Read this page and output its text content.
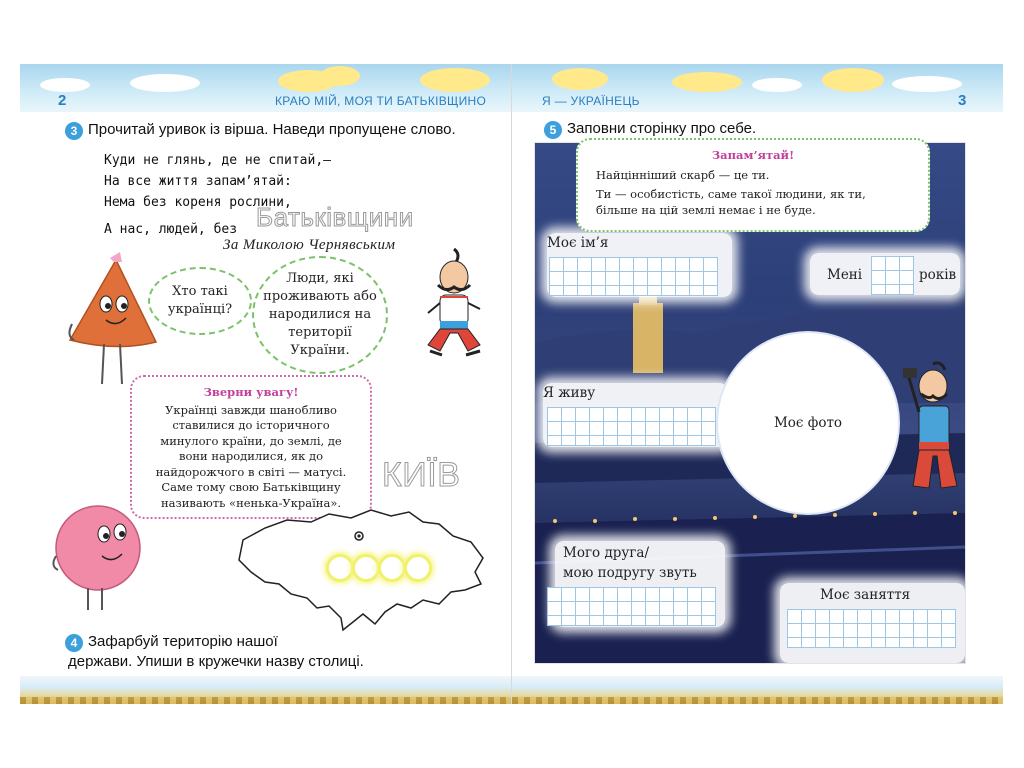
2	КРАЮ МІЙ, МОЯ ТИ БАТЬКІВЩИНО
3 Прочитай уривок із вірша. Наведи пропущене слово.
Куди не глянь, де не спитай,—
На все життя запам’ятай:
Нема без кореня рослини,
А нас, людей, без Батьківщини
За Миколою Чернявським
Хто такі українці?
Люди, які проживають або народилися на території України.
Зверни увагу!
Українці завжди шанобливо ставилися до історичного минулого країни, до землі, де вони народилися, як до найдорожчого в світі — матусі. Саме тому свою Батьківщину називають «ненька-Україна».
КИЇВ
4 Зафарбуй територію нашої
держави. Упиши в кружечки назву столиці.
Я — УКРАЇНЕЦЬ	3
5 Заповни сторінку про себе.
Моє ім’я
Мені	років
Я живу
Моє фото
Мого друга/
мою подругу звуть
Моє заняття
Запам’ятай!
Найцінніший скарб — це ти.
Ти — особистість, саме такої людини, як ти, більше на цій землі немає і не буде.
